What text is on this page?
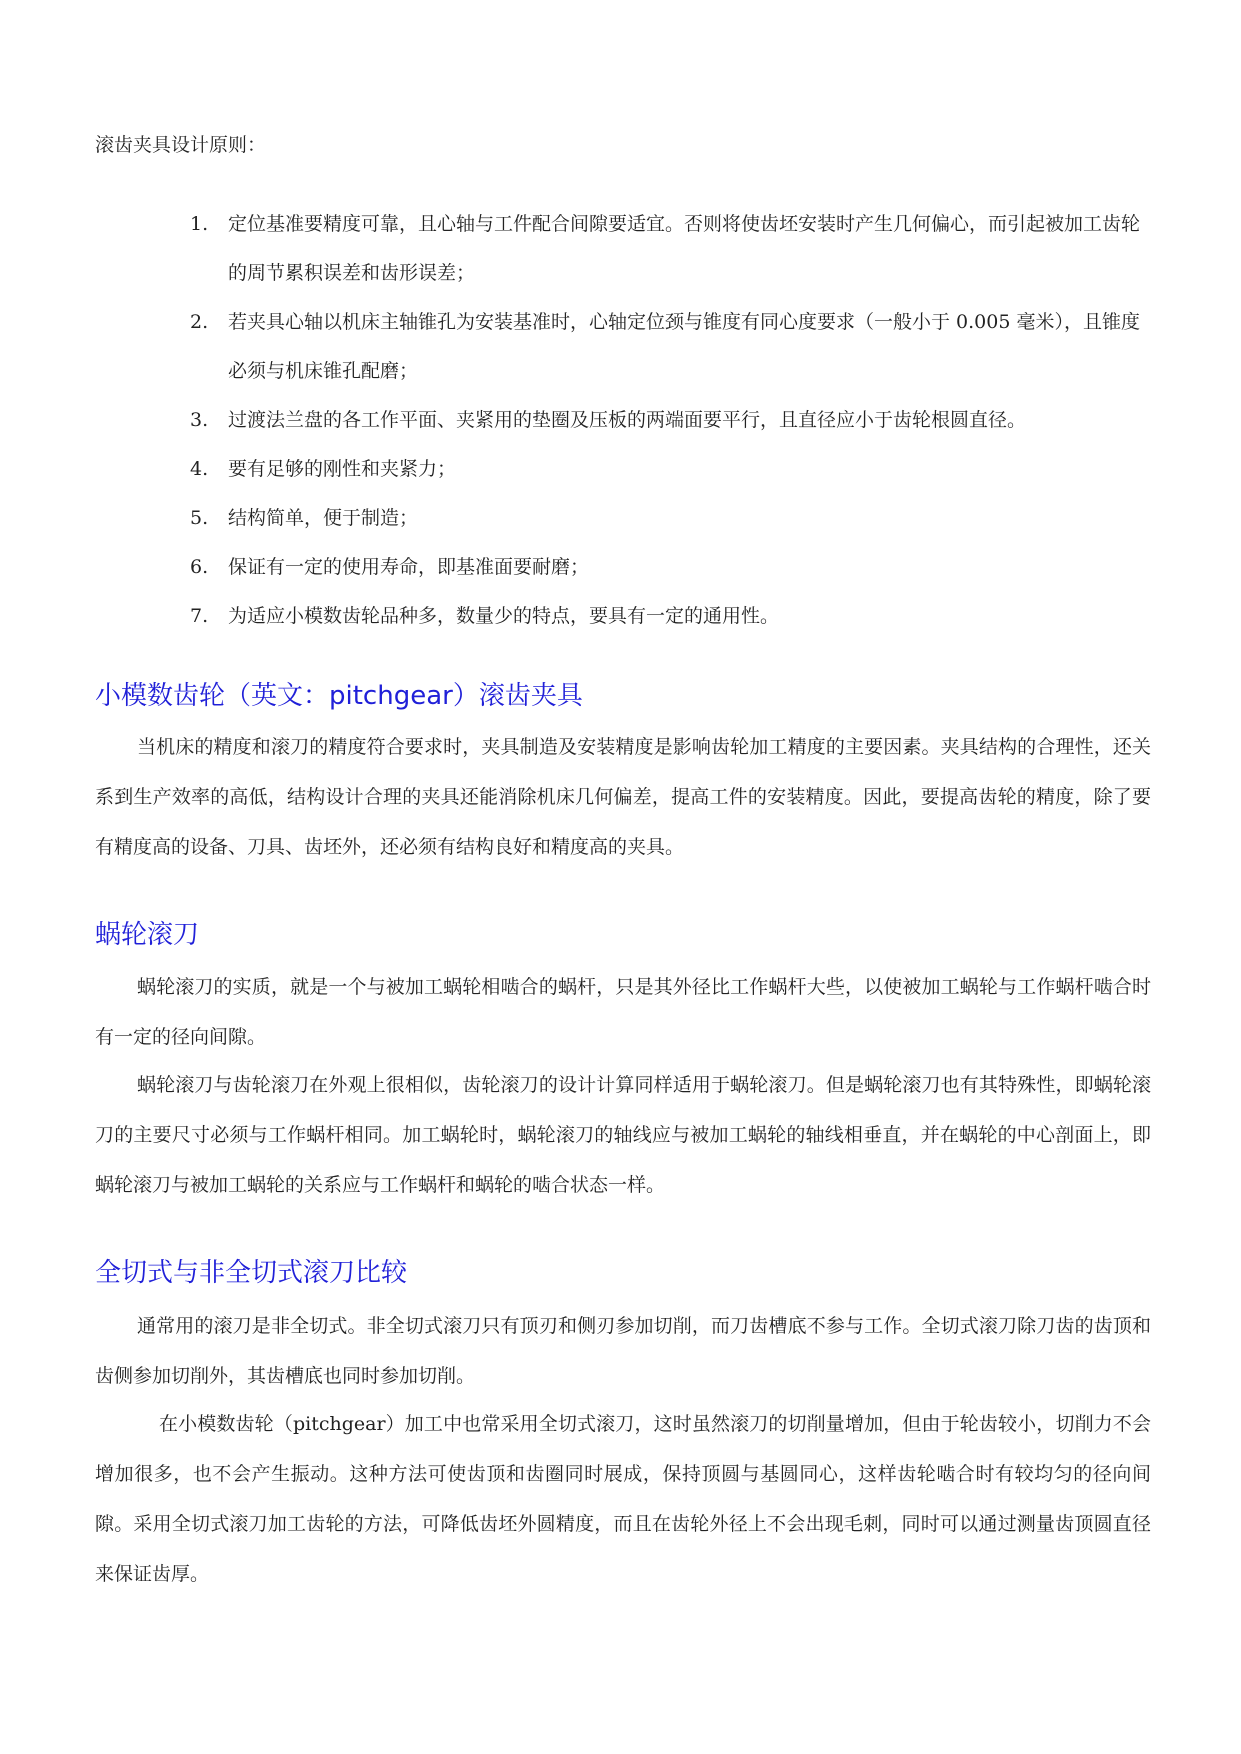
滚齿夹具设计原则：
1. 定位基准要精度可靠，且心轴与工件配合间隙要适宜。否则将使齿坯安装时产生几何偏心，而引起被加工齿轮的周节累积误差和齿形误差；
2. 若夹具心轴以机床主轴锥孔为安装基准时，心轴定位颈与锥度有同心度要求（一般小于 0.005 毫米），且锥度必须与机床锥孔配磨；
3. 过渡法兰盘的各工作平面、夹紧用的垫圈及压板的两端面要平行，且直径应小于齿轮根圆直径。
4. 要有足够的刚性和夹紧力；
5. 结构简单，便于制造；
6. 保证有一定的使用寿命，即基准面要耐磨；
7. 为适应小模数齿轮品种多，数量少的特点，要具有一定的通用性。
小模数齿轮（英文：pitchgear）滚齿夹具

当机床的精度和滚刀的精度符合要求时，夹具制造及安装精度是影响齿轮加工精度的主要因素。夹具结构的合理性，还关系到生产效率的高低，结构设计合理的夹具还能消除机床几何偏差，提高工件的安装精度。因此，要提高齿轮的精度，除了要有精度高的设备、刀具、齿坯外，还必须有结构良好和精度高的夹具。

蜗轮滚刀

蜗轮滚刀的实质，就是一个与被加工蜗轮相啮合的蜗杆，只是其外径比工作蜗杆大些，以使被加工蜗轮与工作蜗杆啮合时有一定的径向间隙。

蜗轮滚刀与齿轮滚刀在外观上很相似，齿轮滚刀的设计计算同样适用于蜗轮滚刀。但是蜗轮滚刀也有其特殊性，即蜗轮滚刀的主要尺寸必须与工作蜗杆相同。加工蜗轮时，蜗轮滚刀的轴线应与被加工蜗轮的轴线相垂直，并在蜗轮的中心剖面上，即蜗轮滚刀与被加工蜗轮的关系应与工作蜗杆和蜗轮的啮合状态一样。

全切式与非全切式滚刀比较

通常用的滚刀是非全切式。非全切式滚刀只有顶刃和侧刃参加切削，而刀齿槽底不参与工作。全切式滚刀除刀齿的齿顶和齿侧参加切削外，其齿槽底也同时参加切削。

在小模数齿轮（pitchgear）加工中也常采用全切式滚刀，这时虽然滚刀的切削量增加，但由于轮齿较小，切削力不会增加很多，也不会产生振动。这种方法可使齿顶和齿圈同时展成，保持顶圆与基圆同心，这样齿轮啮合时有较均匀的径向间隙。采用全切式滚刀加工齿轮的方法，可降低齿坯外圆精度，而且在齿轮外径上不会出现毛刺，同时可以通过测量齿顶圆直径来保证齿厚。
